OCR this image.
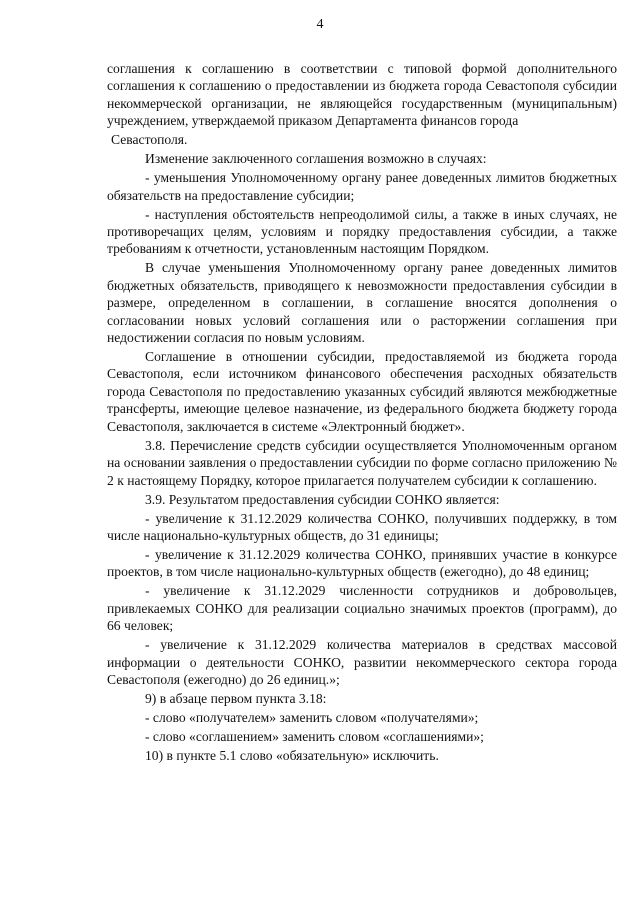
4

соглашения к соглашению в соответствии с типовой формой дополнительного соглашения к соглашению о предоставлении из бюджета города Севастополя субсидии некоммерческой организации, не являющейся государственным (муниципальным) учреждением, утверждаемой приказом Департамента финансов города

Севастополя.

Изменение заключенного соглашения возможно в случаях:

- уменьшения Уполномоченному органу ранее доведенных лимитов бюджетных обязательств на предоставление субсидии;

- наступления обстоятельств непреодолимой силы, а также в иных случаях, не противоречащих целям, условиям и порядку предоставления субсидии, а также требованиям к отчетности, установленным настоящим Порядком.

В случае уменьшения Уполномоченному органу ранее доведенных лимитов бюджетных обязательств, приводящего к невозможности предоставления субсидии в размере, определенном в соглашении, в соглашение вносятся дополнения о согласовании новых условий соглашения или о расторжении соглашения при недостижении согласия по новым условиям.

Соглашение в отношении субсидии, предоставляемой из бюджета города Севастополя, если источником финансового обеспечения расходных обязательств города Севастополя по предоставлению указанных субсидий являются межбюджетные трансферты, имеющие целевое назначение, из федерального бюджета бюджету города Севастополя, заключается в системе «Электронный бюджет».

3.8. Перечисление средств субсидии осуществляется Уполномоченным органом на основании заявления о предоставлении субсидии по форме согласно приложению № 2 к настоящему Порядку, которое прилагается получателем субсидии к соглашению.

3.9. Результатом предоставления субсидии СОНКО является:

- увеличение к 31.12.2029 количества СОНКО, получивших поддержку, в том числе национально-культурных обществ, до 31 единицы;

- увеличение к 31.12.2029 количества СОНКО, принявших участие в конкурсе проектов, в том числе национально-культурных обществ (ежегодно), до 48 единиц;

- увеличение к 31.12.2029 численности сотрудников и добровольцев, привлекаемых СОНКО для реализации социально значимых проектов (программ), до 66 человек;

- увеличение к 31.12.2029 количества материалов в средствах массовой информации о деятельности СОНКО, развитии некоммерческого сектора города Севастополя (ежегодно) до 26 единиц.»;

9) в абзаце первом пункта 3.18:

- слово «получателем» заменить словом «получателями»;

- слово «соглашением» заменить словом «соглашениями»;

10) в пункте 5.1 слово «обязательную» исключить.
